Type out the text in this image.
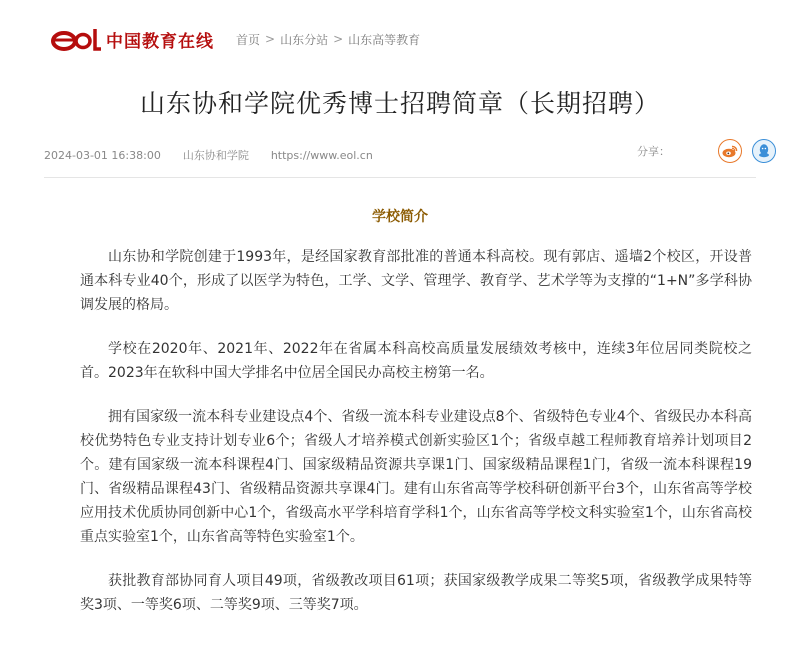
中国教育在线 首页 > 山东分站 > 山东高等教育
山东协和学院优秀博士招聘简章（长期招聘）
2024-03-01 16:38:00 山东协和学院 https://www.eol.cn	分享：
学校简介

山东协和学院创建于1993年，是经国家教育部批准的普通本科高校。现有郭店、遥墙2个校区，开设普通本科专业40个，形成了以医学为特色，工学、文学、管理学、教育学、艺术学等为支撑的“1+N”多学科协调发展的格局。

学校在2020年、2021年、2022年在省属本科高校高质量发展绩效考核中，连续3年位居同类院校之首。2023年在软科中国大学排名中位居全国民办高校主榜第一名。

拥有国家级一流本科专业建设点4个、省级一流本科专业建设点8个、省级特色专业4个、省级民办本科高校优势特色专业支持计划专业6个；省级人才培养模式创新实验区1个；省级卓越工程师教育培养计划项目2个。建有国家级一流本科课程4门、国家级精品资源共享课1门、国家级精品课程1门，省级一流本科课程19门、省级精品课程43门、省级精品资源共享课4门。建有山东省高等学校科研创新平台3个，山东省高等学校应用技术优质协同创新中心1个，省级高水平学科培育学科1个，山东省高等学校文科实验室1个，山东省高校重点实验室1个，山东省高等特色实验室1个。

获批教育部协同育人项目49项，省级教改项目61项；获国家级教学成果二等奖5项，省级教学成果特等奖3项、一等奖6项、二等奖9项、三等奖7项。
